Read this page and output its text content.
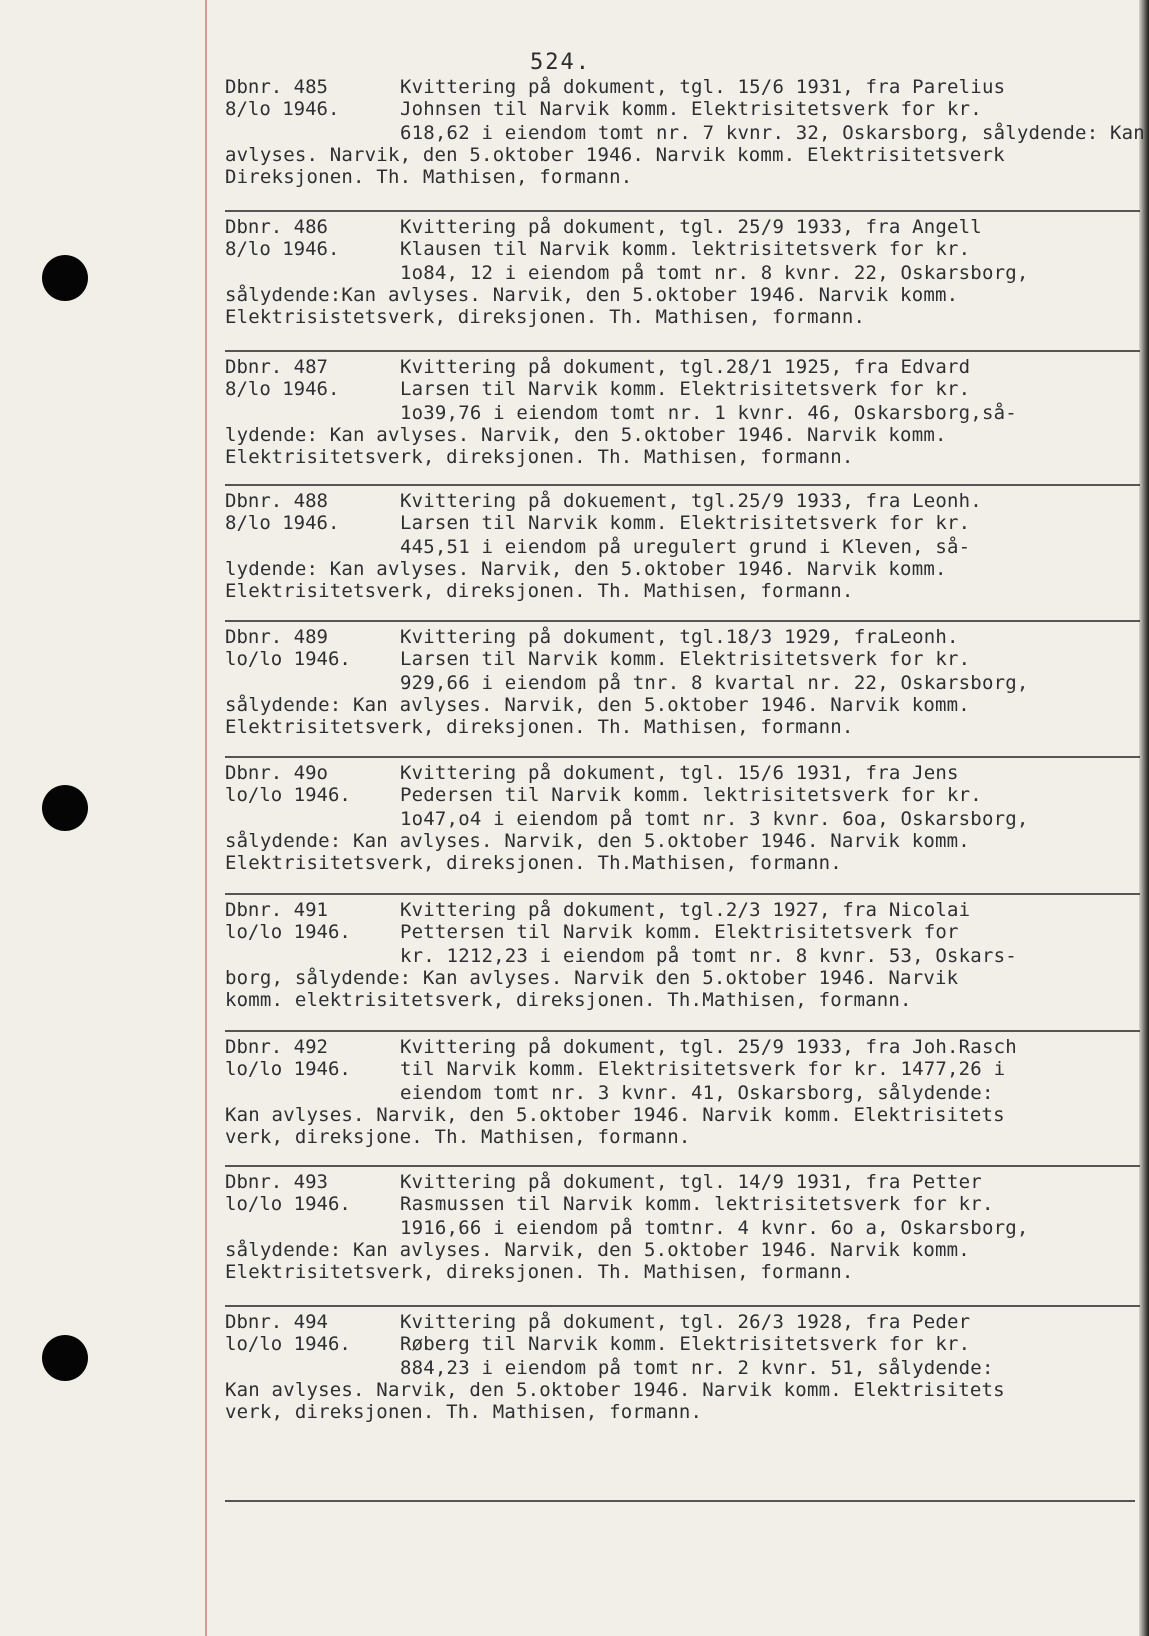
524.
Dbnr. 485
8/lo 1946.
Kvittering på dokument, tgl. 15/6 1931, fra Parelius
Johnsen til Narvik komm. Elektrisitetsverk for kr.
618,62 i eiendom tomt nr. 7 kvnr. 32, Oskarsborg, sålydende: Kan
avlyses. Narvik, den 5.oktober 1946. Narvik komm. Elektrisitetsverk
Direksjonen. Th. Mathisen, formann.
Dbnr. 486
8/lo 1946.
Kvittering på dokument, tgl. 25/9 1933, fra Angell
Klausen til Narvik komm. lektrisitetsverk for kr.
1o84, 12 i eiendom på tomt nr. 8 kvnr. 22, Oskarsborg,
sålydende:Kan avlyses. Narvik, den 5.oktober 1946. Narvik komm.
Elektrisistetsverk, direksjonen. Th. Mathisen, formann.
Dbnr. 487
8/lo 1946.
Kvittering på dokument, tgl.28/1 1925, fra Edvard
Larsen til Narvik komm. Elektrisitetsverk for kr.
1o39,76 i eiendom tomt nr. 1 kvnr. 46, Oskarsborg,så-
lydende: Kan avlyses. Narvik, den 5.oktober 1946. Narvik komm.
Elektrisitetsverk, direksjonen. Th. Mathisen, formann.
Dbnr. 488
8/lo 1946.
Kvittering på dokuement, tgl.25/9 1933, fra Leonh.
Larsen til Narvik komm. Elektrisitetsverk for kr.
445,51 i eiendom på uregulert grund i Kleven, så-
lydende: Kan avlyses. Narvik, den 5.oktober 1946. Narvik komm.
Elektrisitetsverk, direksjonen. Th. Mathisen, formann.
Dbnr. 489
lo/lo 1946.
Kvittering på dokument, tgl.18/3 1929, fraLeonh.
Larsen til Narvik komm. Elektrisitetsverk for kr.
929,66 i eiendom på tnr. 8 kvartal nr. 22, Oskarsborg,
sålydende: Kan avlyses. Narvik, den 5.oktober 1946. Narvik komm.
Elektrisitetsverk, direksjonen. Th. Mathisen, formann.
Dbnr. 49o
lo/lo 1946.
Kvittering på dokument, tgl. 15/6 1931, fra Jens
Pedersen til Narvik komm. lektrisitetsverk for kr.
1o47,o4 i eiendom på tomt nr. 3 kvnr. 6oa, Oskarsborg,
sålydende: Kan avlyses. Narvik, den 5.oktober 1946. Narvik komm.
Elektrisitetsverk, direksjonen. Th.Mathisen, formann.
Dbnr. 491
lo/lo 1946.
Kvittering på dokument, tgl.2/3 1927, fra Nicolai
Pettersen til Narvik komm. Elektrisitetsverk for
kr. 1212,23 i eiendom på tomt nr. 8 kvnr. 53, Oskars-
borg, sålydende: Kan avlyses. Narvik den 5.oktober 1946. Narvik
komm. elektrisitetsverk, direksjonen. Th.Mathisen, formann.
Dbnr. 492
lo/lo 1946.
Kvittering på dokument, tgl. 25/9 1933, fra Joh.Rasch
til Narvik komm. Elektrisitetsverk for kr. 1477,26 i
eiendom tomt nr. 3 kvnr. 41, Oskarsborg, sålydende:
Kan avlyses. Narvik, den 5.oktober 1946. Narvik komm. Elektrisitets
verk, direksjone. Th. Mathisen, formann.
Dbnr. 493
lo/lo 1946.
Kvittering på dokument, tgl. 14/9 1931, fra Petter
Rasmussen til Narvik komm. lektrisitetsverk for kr.
1916,66 i eiendom på tomtnr. 4 kvnr. 6o a, Oskarsborg,
sålydende: Kan avlyses. Narvik, den 5.oktober 1946. Narvik komm.
Elektrisitetsverk, direksjonen. Th. Mathisen, formann.
Dbnr. 494
lo/lo 1946.
Kvittering på dokument, tgl. 26/3 1928, fra Peder
Røberg til Narvik komm. Elektrisitetsverk for kr.
884,23 i eiendom på tomt nr. 2 kvnr. 51, sålydende:
Kan avlyses. Narvik, den 5.oktober 1946. Narvik komm. Elektrisitets
verk, direksjonen. Th. Mathisen, formann.
